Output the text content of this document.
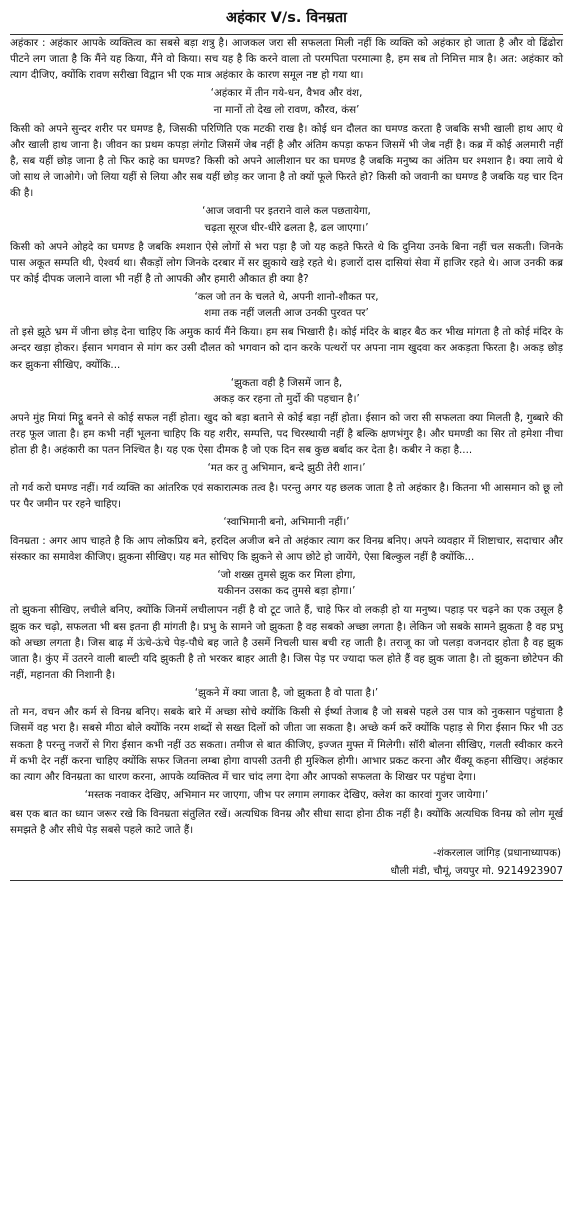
अहंकार V/s. विनम्रता

अहंकार : अहंकार आपके व्यक्तित्व का सबसे बड़ा शत्रु है। आजकल जरा सी सफलता मिली नहीं कि व्यक्ति को अहंकार हो जाता है और वो ढिंढोरा पीटने लग जाता है कि मैंने यह किया, मैंने वो किया। सच यह है कि करने वाला तो परमपिता परमात्मा है, हम सब तो निमित्त मात्र है। अत: अहंकार को त्याग दीजिए, क्योंकि रावण सरीखा विद्वान भी एक मात्र अहंकार के कारण समूल नष्ट हो गया था।

‘अहंकार में तीन गये-धन, वैभव और वंश,
ना मानों तो देख लो रावण, कौरव, कंस’

किसी को अपने सुन्दर शरीर पर घमण्ड है, जिसकी परिणिति एक मटकी राख है। कोई धन दौलत का घमण्ड करता है जबकि सभी खाली हाथ आए थे और खाली हाथ जाना है। जीवन का प्रथम कपड़ा लंगोट जिसमें जेब नहीं है और अंतिम कपड़ा कफन जिसमें भी जेब नहीं है। कब्र में कोई अलमारी नहीं है, सब यहीं छोड़ जाना है तो फिर काहे का घमण्ड? किसी को अपने आलीशान घर का घमण्ड है जबकि मनुष्य का अंतिम घर श्मशान है। क्या लाये थे जो साथ ले जाओगे। जो लिया यहीं से लिया और सब यहीं छोड़ कर जाना है तो क्यों फूले फिरते हो? किसी को जवानी का घमण्ड है जबकि यह चार दिन की है।

‘आज जवानी पर इतराने वाले कल पछतायेगा,
चढ़ता सूरज धीर-धीरे ढलता है, ढल जाएगा।’

किसी को अपने ओहदे का घमण्ड है जबकि श्मशान ऐसे लोगों से भरा पड़ा है जो यह कहते फिरते थे कि दुनिया उनके बिना नहीं चल सकती। जिनके पास अकूत सम्पति थी, ऐश्वर्य था। सैकड़ों लोग जिनके दरबार में सर झुकाये खड़े रहते थे। हजारों दास दासियां सेवा में हाजिर रहते थे। आज उनकी कब्र पर कोई दीपक जलाने वाला भी नहीं है तो आपकी और हमारी औकात ही क्या है?

‘कल जो तन के चलते थे, अपनी शानो-शौकत पर,
शमा तक नहीं जलती आज उनकी पुरवत पर’

तो इसे झूठे भ्रम में जीना छोड़ देना चाहिए कि अमुक कार्य मैंने किया। हम सब भिखारी है। कोई मंदिर के बाहर बैठ कर भीख मांगता है तो कोई मंदिर के अन्दर खड़ा होकर। ईसान भगवान से मांग कर उसी दौलत को भगवान को दान करके पत्थरों पर अपना नाम खुदवा कर अकड़ता फिरता है। अकड़ छोड़ कर झुकना सीखिए, क्योंकि...

‘झुकता वही है जिसमें जान है,
अकड़ कर रहना तो मुर्दो की पहचान है।’

अपने मुंह मियां मिट्ठू बनने से कोई सफल नहीं होता। खुद को बड़ा बताने से कोई बड़ा नहीं होता। ईसान को जरा सी सफलता क्या मिलती है, गुब्बारे की तरह फूल जाता है। हम कभी नहीं भूलना चाहिए कि यह शरीर, सम्पत्ति, पद चिरस्थायी नहीं है बल्कि क्षणभंगुर है। और घमण्डी का सिर तो हमेशा नीचा होता ही है। अहंकारी का पतन निश्चित है। यह एक ऐसा दीमक है जो एक दिन सब कुछ बर्बाद कर देता है। कबीर ने कहा है....

‘मत कर तु अभिमान, बन्दे झुठी तेरी शान।’

तो गर्व करो घमण्ड नहीं। गर्व व्यक्ति का आंतरिक एवं सकारात्मक तत्व है। परन्तु अगर यह छलक जाता है तो अहंकार है। कितना भी आसमान को छू लो पर पैर जमीन पर रहने चाहिए।

‘स्वाभिमानी बनो, अभिमानी नहीं।’

विनम्रता : अगर आप चाहते है कि आप लोकप्रिय बने, हरदिल अजीज बने तो अहंकार त्याग कर विनम्र बनिए। अपने व्यवहार में शिष्टाचार, सदाचार और संस्कार का समावेश कीजिए। झुकना सीखिए। यह मत सोचिए कि झुकने से आप छोटे हो जायेंगे, ऐसा बिल्कुल नहीं है क्योंकि...

‘जो शख्स तुमसे झुक कर मिला होगा,
यकीनन उसका कद तुमसे बड़ा होगा।’

तो झुकना सीखिए, लचीले बनिए, क्योंकि जिनमें लचीलापन नहीं है वो टूट जाते हैं, चाहे फिर वो लकड़ी हो या मनुष्य। पहाड़ पर चढ़ने का एक उसूल है झुक कर चढ़ो, सफलता भी बस इतना ही मांगती है। प्रभु के सामने जो झुकता है वह सबको अच्छा लगता है। लेकिन जो सबके सामने झुकता है वह प्रभु को अच्छा लगता है। जिस बाढ़ में ऊंचे-ऊंचे पेड़-पौधे बह जाते है उसमें निचली घास बची रह जाती है। तराजू का जो पलड़ा वजनदार होता है वह झुक जाता है। कुंए में उतरने वाली बाल्टी यदि झुकती है तो भरकर बाहर आती है। जिस पेड़ पर ज्यादा फल होते हैं वह झुक जाता है। तो झुकना छोटेपन की नहीं, महानता की निशानी है।

‘झुकने में क्या जाता है, जो झुकता है वो पाता है।’

तो मन, वचन और कर्म से विनम्र बनिए। सबके बारे में अच्छा सोचे क्योंकि किसी से ईर्ष्या तेजाब है जो सबसे पहले उस पात्र को नुकसान पहुंचाता है जिसमें वह भरा है। सबसे मीठा बोले क्योंकि नरम शब्दों से सख्त दिलों को जीता जा सकता है। अच्छे कर्म करें क्योंकि पहाड़ से गिरा ईसान फिर भी उठ सकता है परन्तु नजरों से गिरा ईसान कभी नहीं उठ सकता। तमीज से बात कीजिए, इज्जत मुफ्त में मिलेगी। सॉरी बोलना सीखिए, गलती स्वीकार करने में कभी देर नहीं करना चाहिए क्योंकि सफर जितना लम्बा होगा वापसी उतनी ही मुश्किल होगी। आभार प्रकट करना और थैंक्यू कहना सीखिए। अहंकार का त्याग और विनम्रता का धारण करना, आपके व्यक्तित्व में चार चांद लगा देगा और आपको सफलता के शिखर पर पहुंचा देगा।

‘मस्तक नवाकर देखिए, अभिमान मर जाएगा, जीभ पर लगाम लगाकर देखिए, क्लेश का कारवां गुजर जायेगा।’

बस एक बात का ध्यान जरूर रखे कि विनम्रता संतुलित रखें। अत्यधिक विनम्र और सीधा सादा होना ठीक नहीं है। क्योंकि अत्यधिक विनम्र को लोग मूर्ख समझते है और सीधे पेड़ सबसे पहले काटे जाते हैं।

-शंकरलाल जांगिड़ (प्रधानाध्यापक)
धौली मंडी, चौमूं, जयपुर मो. 9214923907
